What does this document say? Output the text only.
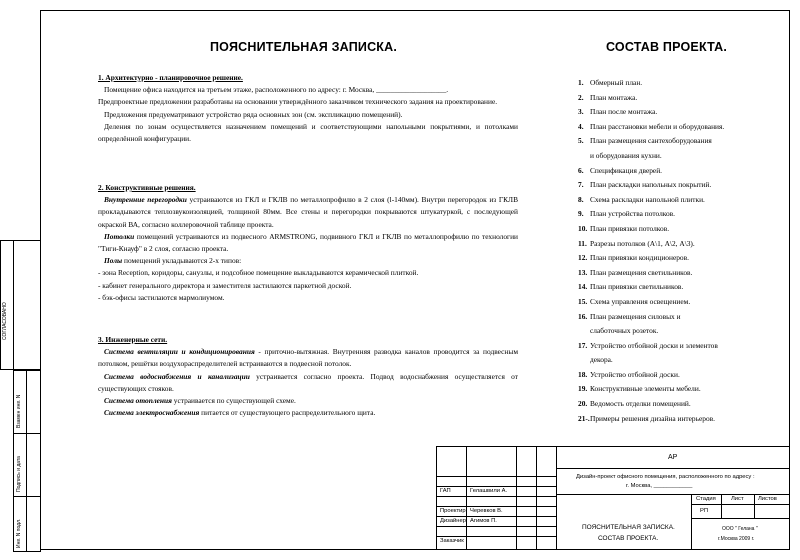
ПОЯСНИТЕЛЬНАЯ ЗАПИСКА.	СОСТАВ ПРОЕКТА.
1. Архитектурно - планировочное решение.

Помещение офиса находится на третьем этаже, расположенного по адресу: г. Москва, ___________________.

Предпроектные предложении разработаны на основании утверждённого заказчиком технического задания на проектирование.

Предложения предуематривают устройство ряда основных зон (см. экспликацию помещений).

Деления по зонам осуществляется назначением помещений и соответствующими напольными покрытиями, и потолками определённой конфигурации.

2. Конструктивные решения.

Внутренние перегородки устраиваются из ГКЛ и ГКЛВ по металлопрофилю в 2 слоя (l-140мм). Внутри перегородок из ГКЛВ прокладываются теплозвукоизоляцией, толщиной 80мм. Все стены и перегородки покрываются штукатуркой, с последующей окраской ВА, согласно коллеровочной таблице проекта.

Потолки помещений устраиваются из подвесного ARMSTRONG, подвивного ГКЛ и ГКЛВ по металлопрофилю по технологии "Тиги-Кнауф" в 2 слоя, согласно проекта.

Полы помещений укладываются 2-х типов:

- зона Reception, коридоры, санузлы, и подсобное помещение выкладываются керамической плиткой.

- кабинет генерального директора и заместителя застилаются паркетной доской.

- бэк-офисы застилаются мармолиумом.

3. Инженерные сети.

Система вентиляции и кондиционирования - приточно-вытяжная. Внутренняя разводка каналов проводится за подвесным потолком, решётки воздухораспределителей встраиваются в подвесной потолок.

Система водоснабжения и канализации устраивается согласно проекта. Подвод водоснабжения осуществляется от существующих стояков.

Система отопления устраивается по существующей схеме.

Система электроснабжения питается от существующего распределительного щита.

1. Обмерный план.
2. План монтажа.
3. План после монтажа.
4. План расстановки мебели и оборудования.
5. План размещения сантехоборудования
и оборудования кухни.
6. Спецификация дверей.
7. План раскладки напольных покрытий.
8. Схема раскладки напольной плитки.
9. План устройства потолков.
10. План привязки потолков.
11. Разрезы потолков (А\1, А\2, А\3).
12. План привязки кондиционеров.
13. План размещения светильников.
14. План привязки светильников.
15. Схема управления освещением.
16. План размещения силовых и
слаботочных розеток.
17. Устройство отбойной доски и элементов
декора.
18. Устройство отбойной доски.
19. Конструктивные элементы мебели.
20. Ведомость отделки помещений.
21-. Примеры решения дизайна интерьеров.
СОГЛАСОВАНО
Взамен инв. N
Подпись и дата
Инв. N подл.
АР
Дизайн-проект офисного помещения, расположенного по адресу :
г. Москва, ____________
Стадия	Лист Листов
РП
ГАП	Гелашвили А.
Проектир Черевков В.
Дизайнер Агимов П.
Заказчик
ПОЯСНИТЕЛЬНАЯ ЗАПИСКА.
СОСТАВ ПРОЕКТА.
ООО " Гелана "
г.Москва 2009 г.
